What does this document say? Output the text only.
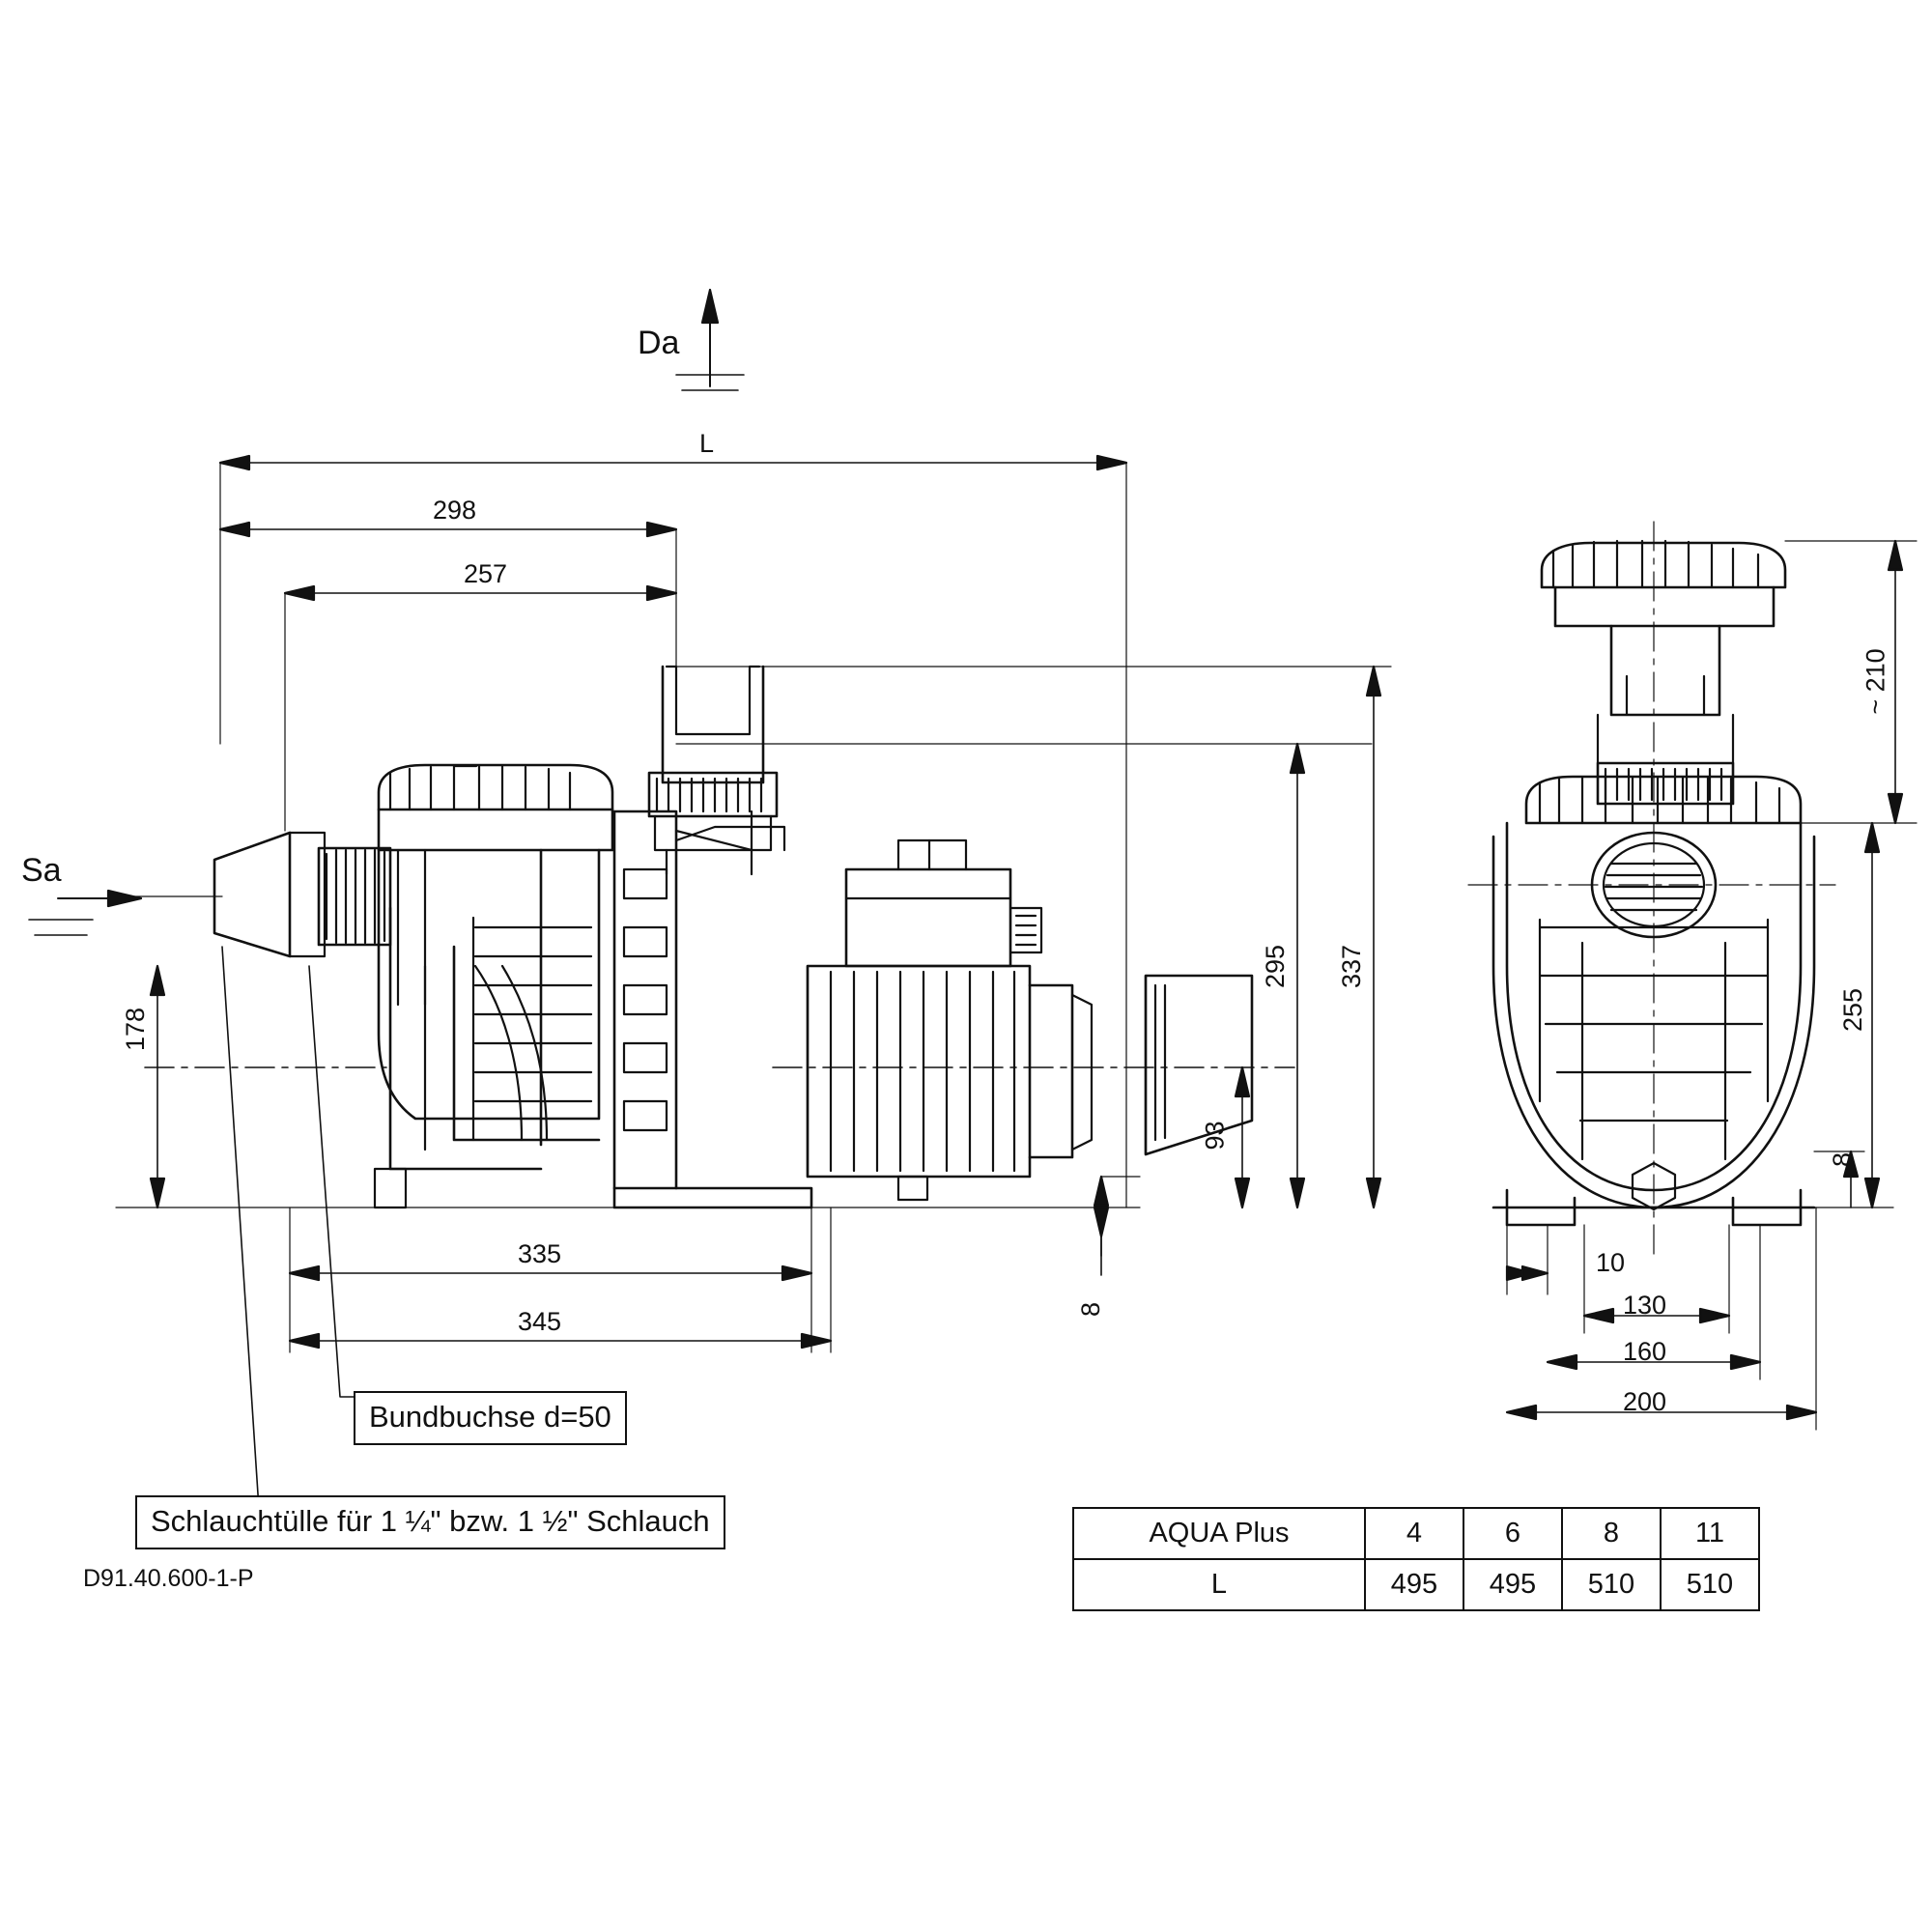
Da
Sa
L
298
257
335
345
178
295 337
93
8
~ 210
255
8
10
130
160
200
Bundbuchse d=50
Schlauchtülle für 1 ¼" bzw. 1 ½" Schlauch
D91.40.600-1-P
AQUA Plus	4	6	8	11
L	495	495	510	510
